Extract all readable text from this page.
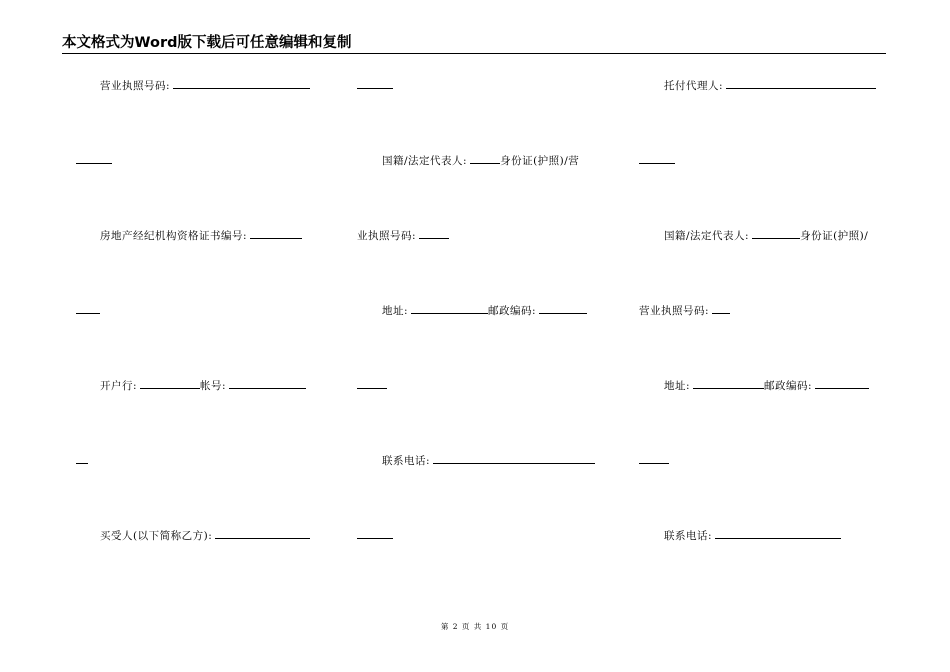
本文格式为Word版下载后可任意编辑和复制
营业执照号码:	托付代理人:
国籍/法定代表人:	身份证(护照)/营
房地产经纪机构资格证书编号:	业执照号码:	国籍/法定代表人:	身份证(护照)/
地址:	邮政编码:	营业执照号码:
开户行:	帐号:	地址:	邮政编码:
联系电话:
买受人(以下简称乙方):	联系电话:
第 2 页 共 10 页
